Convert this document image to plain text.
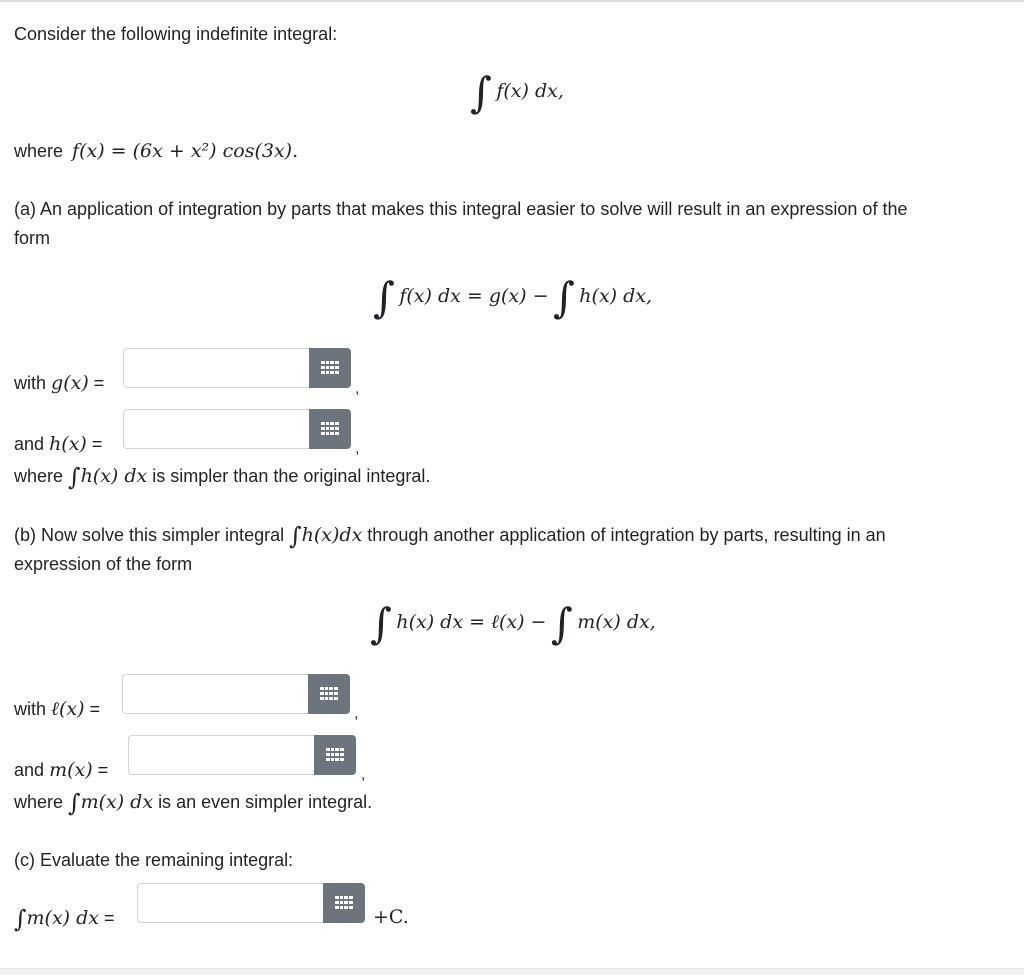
Consider the following indefinite integral:
∫ f(x) dx,
where f(x) = (6x + x²) cos(3x).
(a) An application of integration by parts that makes this integral easier to solve will result in an expression of the
form
∫ f(x) dx = g(x) − ∫ h(x) dx,
with g(x) =	,
and h(x) =	,
where ∫h(x) dx is simpler than the original integral.
(b) Now solve this simpler integral ∫h(x)dx through another application of integration by parts, resulting in an
expression of the form
∫ h(x) dx = ℓ(x) − ∫ m(x) dx,
with ℓ(x) =	,
and m(x) =	,
where ∫m(x) dx is an even simpler integral.
(c) Evaluate the remaining integral:
∫m(x) dx =	+C.
